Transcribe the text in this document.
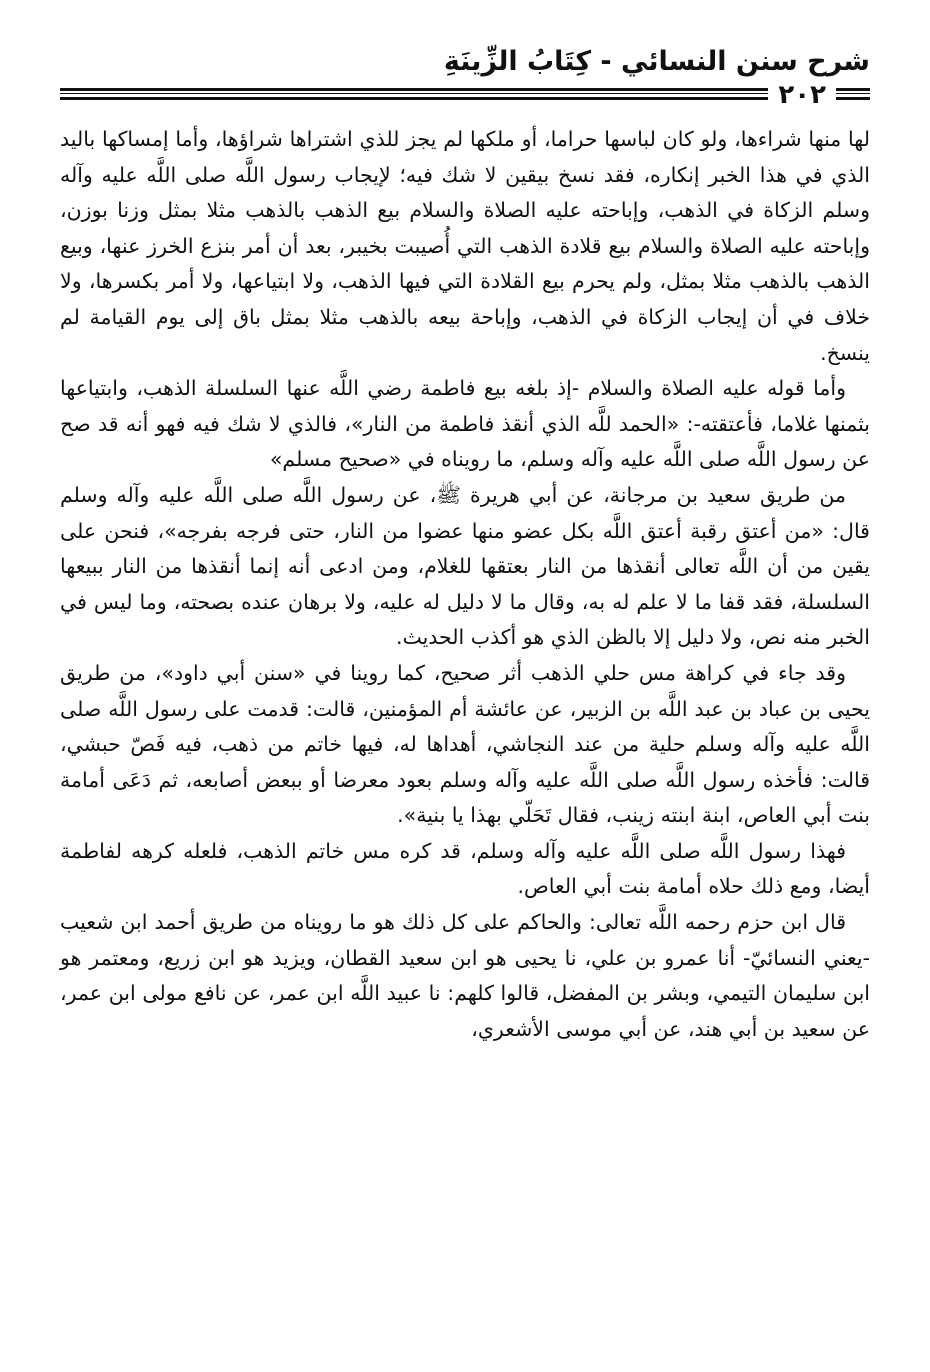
شرح سنن النسائي - كِتَابُ الزِّينَةِ
٢٠٢

لها منها شراءها، ولو كان لباسها حراما، أو ملكها لم يجز للذي اشتراها شراؤها، وأما إمساكها باليد الذي في هذا الخبر إنكاره، فقد نسخ بيقين لا شك فيه؛ لإيجاب رسول اللَّه صلى اللَّه عليه وآله وسلم الزكاة في الذهب، وإباحته عليه الصلاة والسلام بيع الذهب بالذهب مثلا بمثل وزنا بوزن، وإباحته عليه الصلاة والسلام بيع قلادة الذهب التي أُصيبت بخيبر، بعد أن أمر بنزع الخرز عنها، وبيع الذهب بالذهب مثلا بمثل، ولم يحرم بيع القلادة التي فيها الذهب، ولا ابتياعها، ولا أمر بكسرها، ولا خلاف في أن إيجاب الزكاة في الذهب، وإباحة بيعه بالذهب مثلا بمثل باق إلى يوم القيامة لم ينسخ.

وأما قوله عليه الصلاة والسلام -إذ بلغه بيع فاطمة رضي اللَّه عنها السلسلة الذهب، وابتياعها بثمنها غلاما، فأعتقته-: «الحمد للَّه الذي أنقذ فاطمة من النار»، فالذي لا شك فيه فهو أنه قد صح عن رسول اللَّه صلى اللَّه عليه وآله وسلم، ما رويناه في «صحيح مسلم»

من طريق سعيد بن مرجانة، عن أبي هريرة ﷺ، عن رسول اللَّه صلى اللَّه عليه وآله وسلم قال: «من أعتق رقبة أعتق اللَّه بكل عضو منها عضوا من النار، حتى فرجه بفرجه»، فنحن على يقين من أن اللَّه تعالى أنقذها من النار بعتقها للغلام، ومن ادعى أنه إنما أنقذها من النار ببيعها السلسلة، فقد قفا ما لا علم له به، وقال ما لا دليل له عليه، ولا برهان عنده بصحته، وما ليس في الخبر منه نص، ولا دليل إلا بالظن الذي هو أكذب الحديث.

وقد جاء في كراهة مس حلي الذهب أثر صحيح، كما روينا في «سنن أبي داود»، من طريق يحيى بن عباد بن عبد اللَّه بن الزبير، عن عائشة أم المؤمنين، قالت: قدمت على رسول اللَّه صلى اللَّه عليه وآله وسلم حلية من عند النجاشي، أهداها له، فيها خاتم من ذهب، فيه فَصّ حبشي، قالت: فأخذه رسول اللَّه صلى اللَّه عليه وآله وسلم بعود معرضا أو ببعض أصابعه، ثم دَعَى أمامة بنت أبي العاص، ابنة ابنته زينب، فقال تَحَلّي بهذا يا بنية».

فهذا رسول اللَّه صلى اللَّه عليه وآله وسلم، قد كره مس خاتم الذهب، فلعله كرهه لفاطمة أيضا، ومع ذلك حلاه أمامة بنت أبي العاص.

قال ابن حزم رحمه اللَّه تعالى: والحاكم على كل ذلك هو ما رويناه من طريق أحمد ابن شعيب -يعني النسائيّ- أنا عمرو بن علي، نا يحيى هو ابن سعيد القطان، ويزيد هو ابن زريع، ومعتمر هو ابن سليمان التيمي، وبشر بن المفضل، قالوا كلهم: نا عبيد اللَّه ابن عمر، عن نافع مولى ابن عمر، عن سعيد بن أبي هند، عن أبي موسى الأشعري،
